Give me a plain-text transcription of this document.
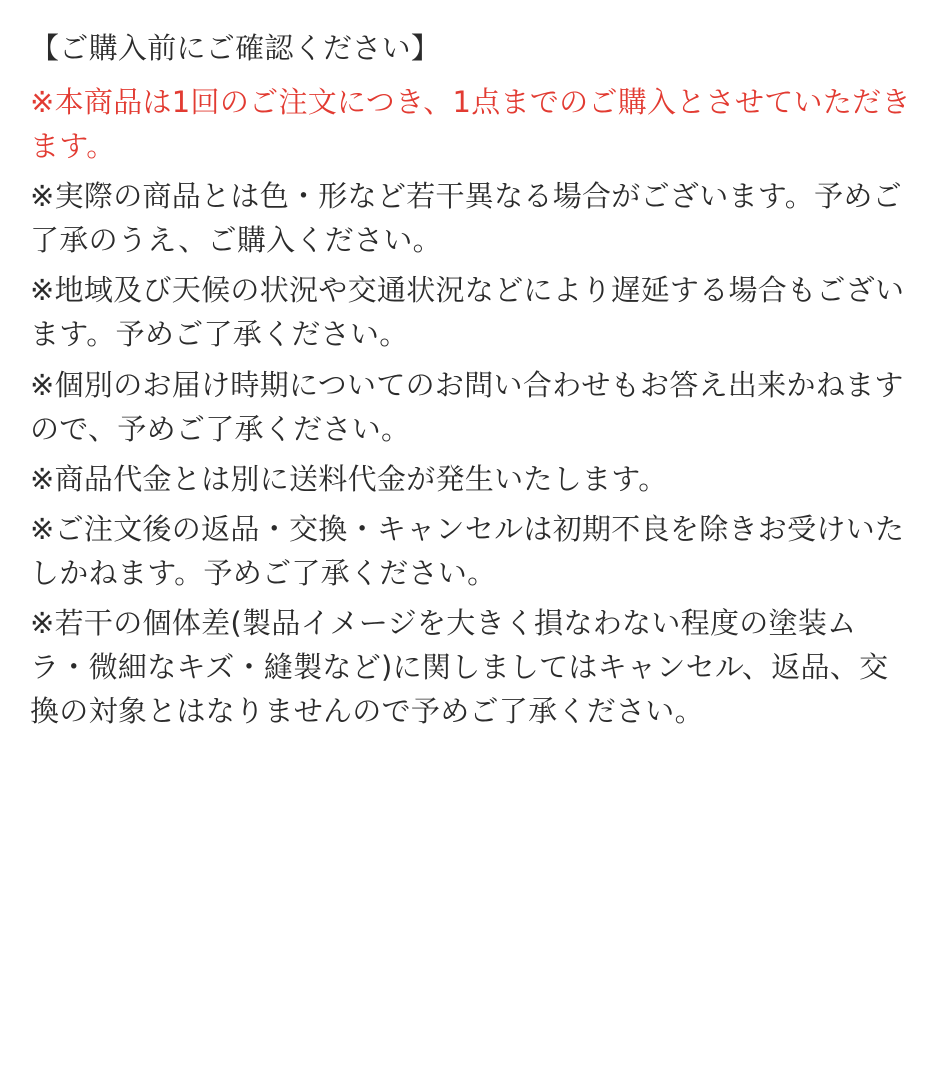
【ご購入前にご確認ください】

※本商品は1回のご注文につき、1点までのご購入とさせていただきます。

※実際の商品とは色・形など若干異なる場合がございます。予めご了承のうえ、ご購入ください。

※地域及び天候の状況や交通状況などにより遅延する場合もございます。予めご了承ください。

※個別のお届け時期についてのお問い合わせもお答え出来かねますので、予めご了承ください。

※商品代金とは別に送料代金が発生いたします。

※ご注文後の返品・交換・キャンセルは初期不良を除きお受けいたしかねます。予めご了承ください。

※若干の個体差(製品イメージを大きく損なわない程度の塗装ムラ・微細なキズ・縫製など)に関しましてはキャンセル、返品、交換の対象とはなりませんので予めご了承ください。
